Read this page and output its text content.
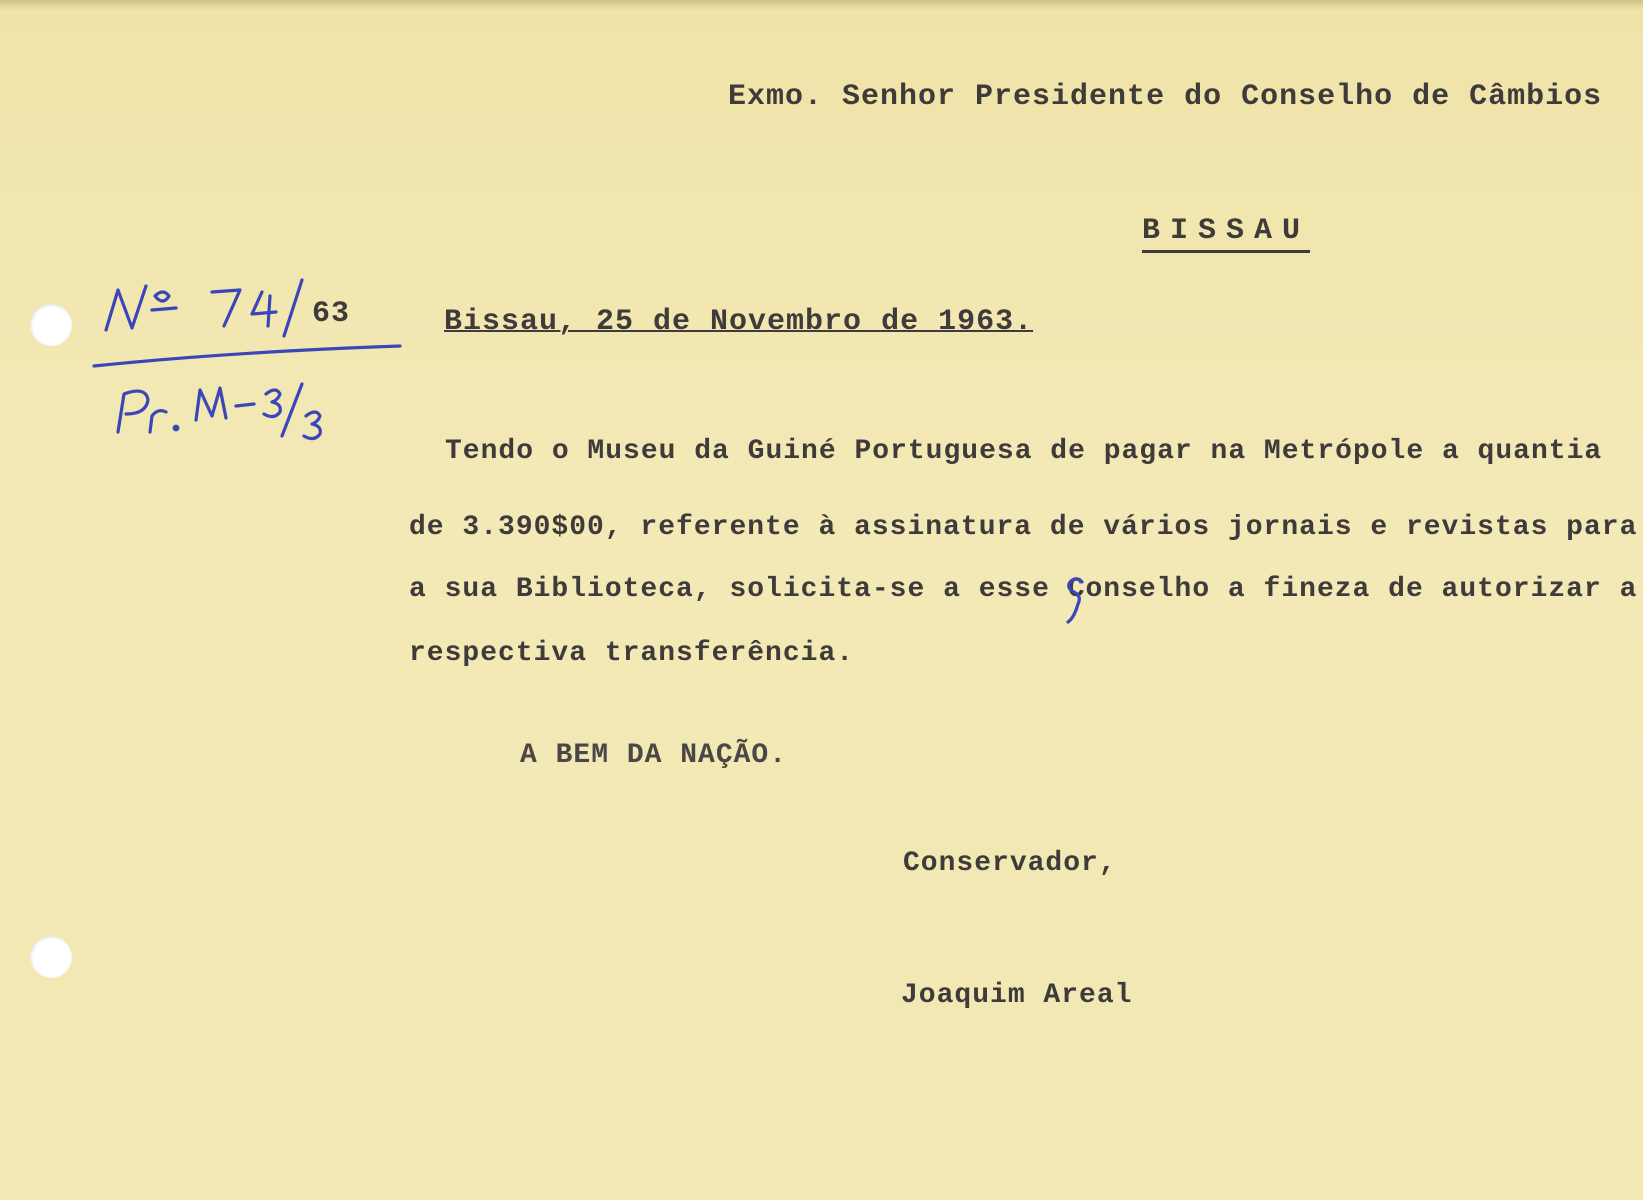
Exmo. Senhor Presidente do Conselho de Câmbios
BISSAU
Bissau, 25 de Novembro de 1963.
63
Tendo o Museu da Guiné Portuguesa de pagar na Metrópole a quantia
de 3.390$00, referente à assinatura de vários jornais e revistas para
a sua Biblioteca, solicita-se a esse Conselho a fineza de autorizar a
respectiva transferência.
A BEM DA NAÇÃO.
Conservador,
Joaquim Areal
